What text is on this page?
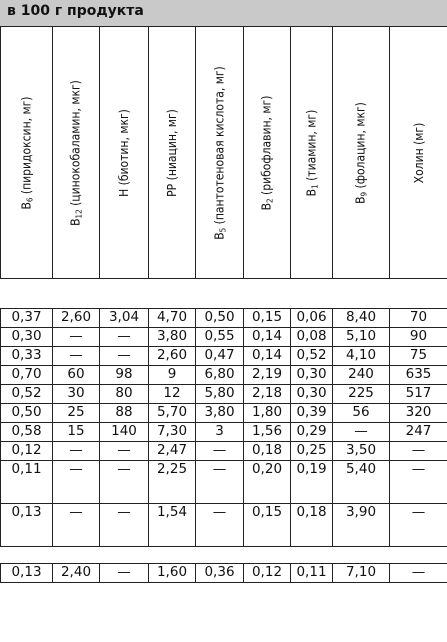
в 100 г продукта
$B_6$ (пиридоксин, мг)	$B_{12}$ (цинокобаламин, мкг)	H (биотин, мкг)	PP (ниацин, мг)	$B_5$ (пантотеновая кислота, мг)	$B_2$ (рибофлавин, мг)	$B_1$ (тиамин, мг)	$B_9$ (фолацин, мкг)	Холин (мг)

0,37	2,60	3,04	4,70	0,50	0,15	0,06	8,40	70
0,30	—	—	3,80	0,55	0,14	0,08	5,10	90
0,33	—	—	2,60	0,47	0,14	0,52	4,10	75
0,70	60	98	9	6,80	2,19	0,30	240	635
0,52	30	80	12	5,80	2,18	0,30	225	517
0,50	25	88	5,70	3,80	1,80	0,39	56	320
0,58	15	140	7,30	3	1,56	0,29	—	247
0,12	—	—	2,47	—	0,18	0,25	3,50	—
0,11	—	—	2,25	—	0,20	0,19	5,40	—
0,13	—	—	1,54	—	0,15	0,18	3,90	—

0,13	2,40	—	1,60	0,36	0,12	0,11	7,10	—
